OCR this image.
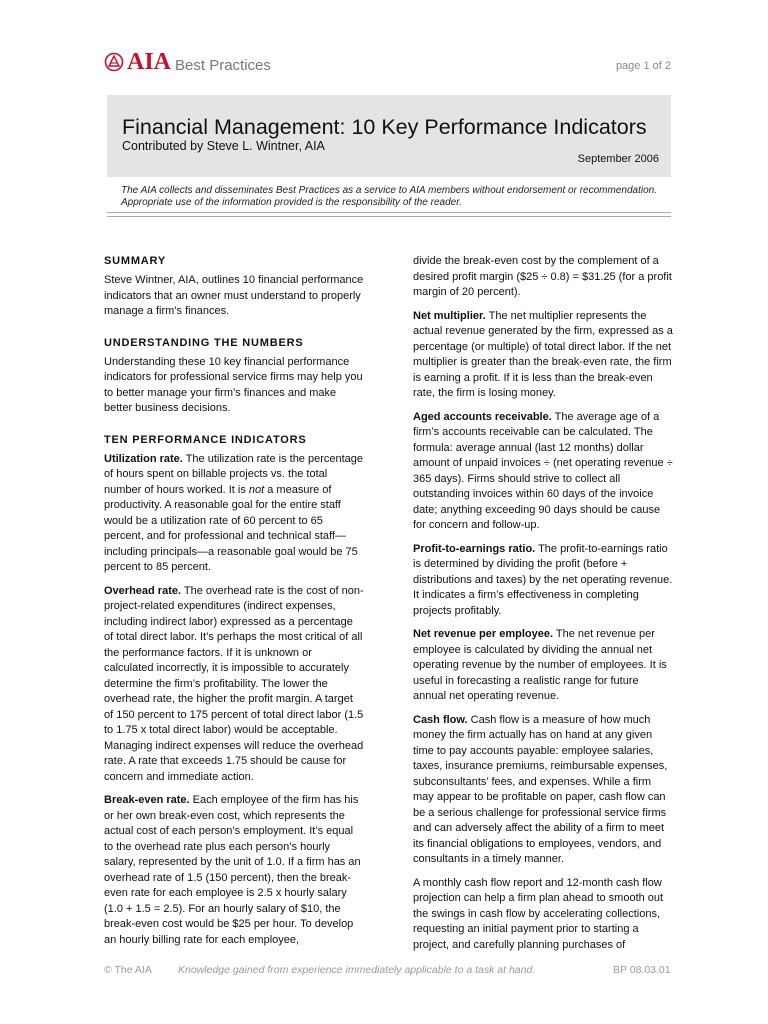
AIA Best Practices	page 1 of 2
Financial Management: 10 Key Performance Indicators
Contributed by Steve L. Wintner, AIA
September 2006
The AIA collects and disseminates Best Practices as a service to AIA members without endorsement or recommendation.
Appropriate use of the information provided is the responsibility of the reader.
SUMMARY

Steve Wintner, AIA, outlines 10 financial performance indicators that an owner must understand to properly manage a firm’s finances.

UNDERSTANDING THE NUMBERS

Understanding these 10 key financial performance indicators for professional service firms may help you to better manage your firm’s finances and make better business decisions.

TEN PERFORMANCE INDICATORS

Utilization rate. The utilization rate is the percentage of hours spent on billable projects vs. the total number of hours worked. It is not a measure of productivity. A reasonable goal for the entire staff would be a utilization rate of 60 percent to 65 percent, and for professional and technical staff—including principals—a reasonable goal would be 75 percent to 85 percent.

Overhead rate. The overhead rate is the cost of non-project-related expenditures (indirect expenses, including indirect labor) expressed as a percentage of total direct labor. It’s perhaps the most critical of all the performance factors. If it is unknown or calculated incorrectly, it is impossible to accurately determine the firm’s profitability. The lower the overhead rate, the higher the profit margin. A target of 150 percent to 175 percent of total direct labor (1.5 to 1.75 x total direct labor) would be acceptable. Managing indirect expenses will reduce the overhead rate. A rate that exceeds 1.75 should be cause for concern and immediate action.

Break-even rate. Each employee of the firm has his or her own break-even cost, which represents the actual cost of each person’s employment. It’s equal to the overhead rate plus each person’s hourly salary, represented by the unit of 1.0. If a firm has an overhead rate of 1.5 (150 percent), then the break-even rate for each employee is 2.5 x hourly salary (1.0 + 1.5 = 2.5). For an hourly salary of $10, the break-even cost would be $25 per hour. To develop an hourly billing rate for each employee,

divide the break-even cost by the complement of a desired profit margin ($25 ÷ 0.8) = $31.25 (for a profit margin of 20 percent).

Net multiplier. The net multiplier represents the actual revenue generated by the firm, expressed as a percentage (or multiple) of total direct labor. If the net multiplier is greater than the break-even rate, the firm is earning a profit. If it is less than the break-even rate, the firm is losing money.

Aged accounts receivable. The average age of a firm’s accounts receivable can be calculated. The formula: average annual (last 12 months) dollar amount of unpaid invoices ÷ (net operating revenue ÷ 365 days). Firms should strive to collect all outstanding invoices within 60 days of the invoice date; anything exceeding 90 days should be cause for concern and follow-up.

Profit-to-earnings ratio. The profit-to-earnings ratio is determined by dividing the profit (before + distributions and taxes) by the net operating revenue. It indicates a firm’s effectiveness in completing projects profitably.

Net revenue per employee. The net revenue per employee is calculated by dividing the annual net operating revenue by the number of employees. It is useful in forecasting a realistic range for future annual net operating revenue.

Cash flow. Cash flow is a measure of how much money the firm actually has on hand at any given time to pay accounts payable: employee salaries, taxes, insurance premiums, reimbursable expenses, subconsultants’ fees, and expenses. While a firm may appear to be profitable on paper, cash flow can be a serious challenge for professional service firms and can adversely affect the ability of a firm to meet its financial obligations to employees, vendors, and consultants in a timely manner.

A monthly cash flow report and 12-month cash flow projection can help a firm plan ahead to smooth out the swings in cash flow by accelerating collections, requesting an initial payment prior to starting a project, and carefully planning purchases of

© The AIA Knowledge gained from experience immediately applicable to a task at hand.	BP 08.03.01
